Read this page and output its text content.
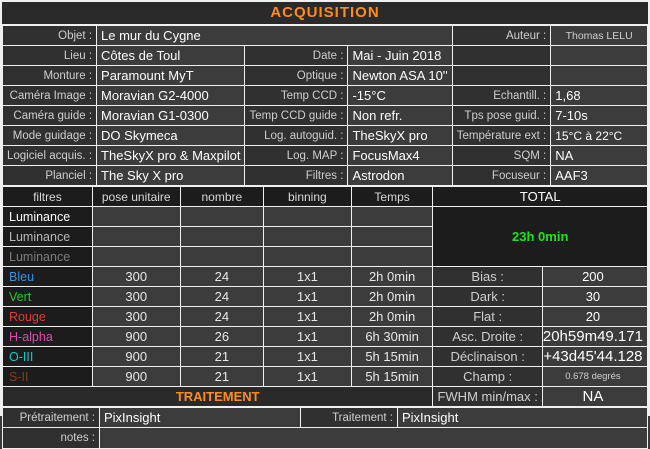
ACQUISITION
Objet :	Le mur du Cygne			Auteur :	Thomas LELU
Lieu :	Côtes de Toul	Date :	Mai - Juin 2018		
Monture :	Paramount MyT	Optique :	Newton ASA 10''		
Caméra Image :	Moravian G2-4000	Temp CCD :	-15°C	Echantill. :	1,68
Caméra guide :	Moravian G1-0300	Temp CCD guide :	Non refr.	Tps pose guid. :	7-10s
Mode guidage :	DO Skymeca	Log. autoguid. :	TheSkyX pro	Température ext :	15°C à 22°C
Logiciel acquis. :	TheSkyX pro & Maxpilot	Log. MAP :	FocusMax4	SQM :	NA
Planciel :	The Sky X pro	Filtres :	Astrodon	Focuseur :	AAF3
filtres	pose unitaire	nombre	binning	Temps	TOTAL	
Luminance					23h 0min	
Luminance						
Luminance						
Bleu	300	24	1x1	2h 0min	Bias :	200
Vert	300	24	1x1	2h 0min	Dark :	30
Rouge	300	24	1x1	2h 0min	Flat :	20
H-alpha	900	26	1x1	6h 30min	Asc. Droite :	20h59m49.171
O-III	900	21	1x1	5h 15min	Déclinaison :	+43d45'44.128
S-II	900	21	1x1	5h 15min	Champ :	0.678 degrés
TRAITEMENT					FWHM min/max :	NA
Prétraitement :	PixInsight	Traitement :	PixInsight
notes :			
